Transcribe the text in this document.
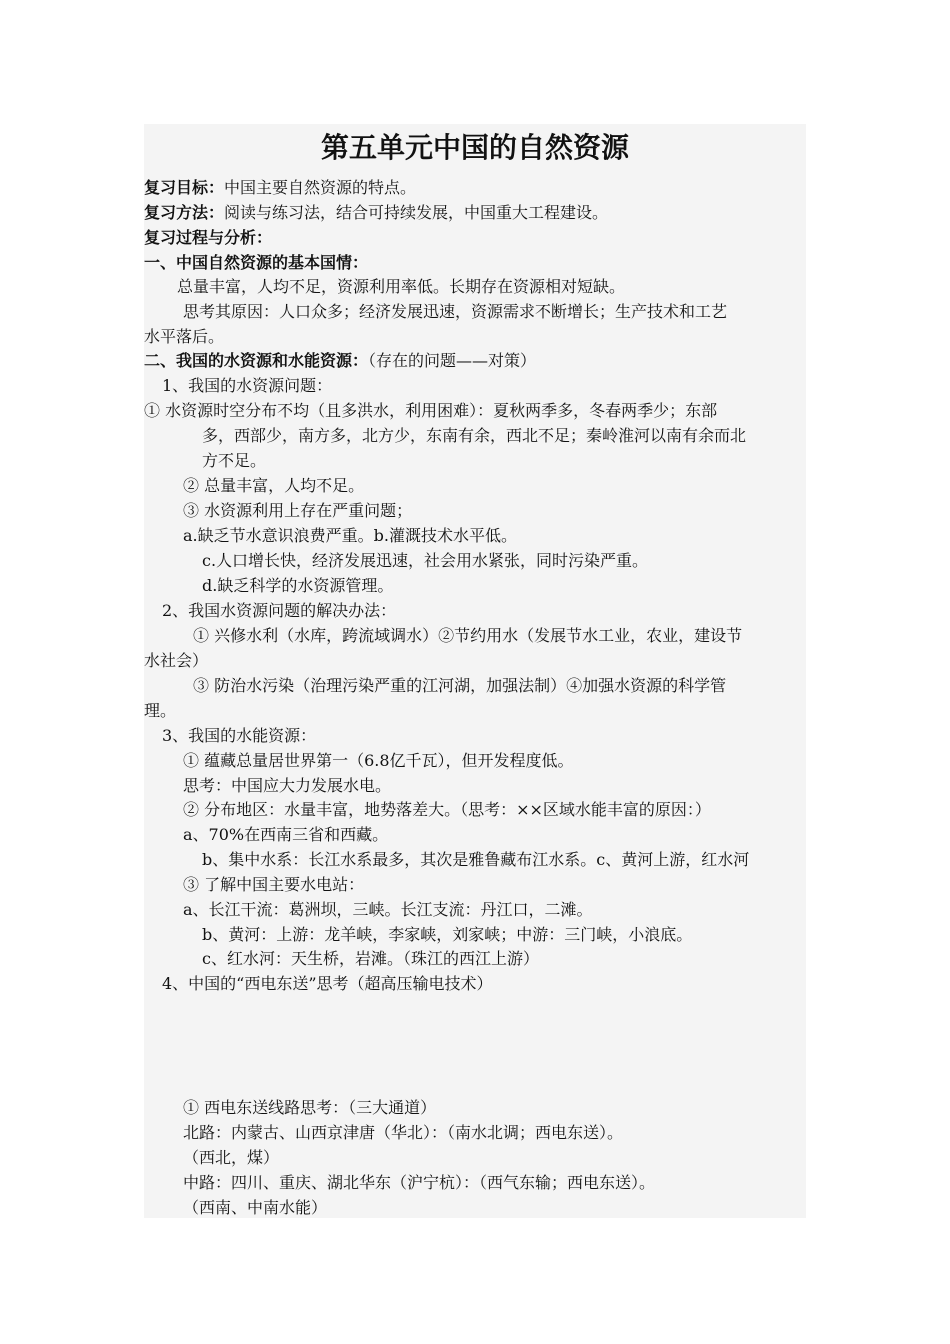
第五单元中国的自然资源
复习目标：中国主要自然资源的特点。
复习方法：阅读与练习法，结合可持续发展，中国重大工程建设。
复习过程与分析：
一、中国自然资源的基本国情：
总量丰富，人均不足，资源利用率低。长期存在资源相对短缺。
思考其原因：人口众多；经济发展迅速，资源需求不断增长；生产技术和工艺
水平落后。
二、我国的水资源和水能资源：（存在的问题——对策）
1、我国的水资源问题：
① 水资源时空分布不均（且多洪水，利用困难）：夏秋两季多，冬春两季少；东部
多，西部少，南方多，北方少，东南有余，西北不足；秦岭淮河以南有余而北
方不足。
② 总量丰富，人均不足。
③ 水资源利用上存在严重问题；
a.缺乏节水意识浪费严重。b.灌溉技术水平低。
c.人口增长快，经济发展迅速，社会用水紧张，同时污染严重。
d.缺乏科学的水资源管理。
2、我国水资源问题的解决办法：
① 兴修水利（水库，跨流域调水）②节约用水（发展节水工业，农业，建设节
水社会）
③ 防治水污染（治理污染严重的江河湖，加强法制）④加强水资源的科学管
理。
3、我国的水能资源：
① 蕴藏总量居世界第一（6.8亿千瓦），但开发程度低。
思考：中国应大力发展水电。
② 分布地区：水量丰富，地势落差大。（思考：××区域水能丰富的原因：）
a、70%在西南三省和西藏。
b、集中水系：长江水系最多，其次是雅鲁藏布江水系。c、黄河上游，红水河
③ 了解中国主要水电站：
a、长江干流：葛洲坝，三峡。长江支流：丹江口，二滩。
b、黄河：上游：龙羊峡，李家峡，刘家峡；中游：三门峡，小浪底。
c、红水河：天生桥，岩滩。（珠江的西江上游）
4、中国的“西电东送”思考（超高压输电技术）
① 西电东送线路思考：（三大通道）
北路：内蒙古、山西京津唐（华北）：（南水北调；西电东送）。
（西北，煤）
中路：四川、重庆、湖北华东（沪宁杭）：（西气东输；西电东送）。
（西南、中南水能）
